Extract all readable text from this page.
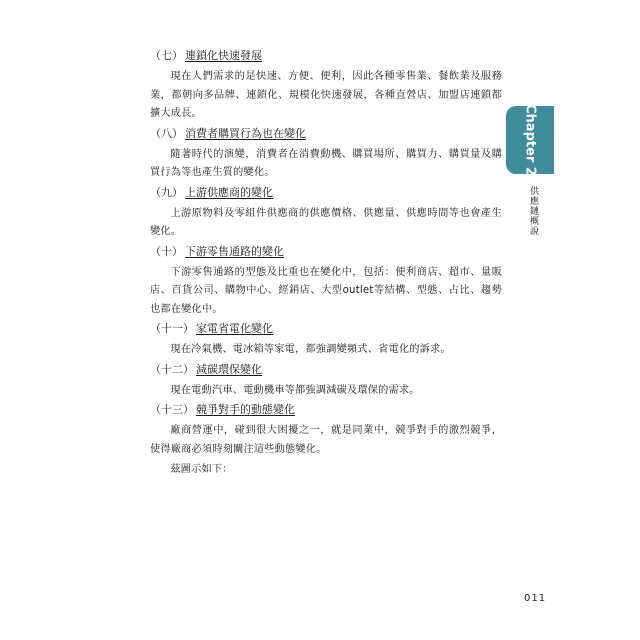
（七） 連鎖化快速發展

現在人們需求的是快速、方便、便利，因此各種零售業、餐飲業及服務業，都朝向多品牌、連鎖化、規模化快速發展，各種直營店、加盟店連鎖都擴大成長。

（八） 消費者購買行為也在變化

隨著時代的演變，消費者在消費動機、購買場所、購買力、購買量及購買行為等也產生質的變化。

（九） 上游供應商的變化

上游原物料及零組件供應商的供應價格、供應量、供應時間等也會產生變化。

（十） 下游零售通路的變化

下游零售通路的型態及比重也在變化中，包括：便利商店、超市、量販店、百貨公司、購物中心、經銷店、大型outlet等結構、型態、占比、趨勢也都在變化中。

（十一） 家電省電化變化

現在冷氣機、電冰箱等家電，都強調變頻式、省電化的訴求。

（十二） 減碳環保變化

現在電動汽車、電動機車等都強調減碳及環保的需求。

（十三） 競爭對手的動態變化

廠商營運中，碰到很大困擾之一，就是同業中，競爭對手的激烈競爭，使得廠商必須時刻關注這些動態變化。

茲圖示如下：

Chapter 2
供應鏈概說
011
